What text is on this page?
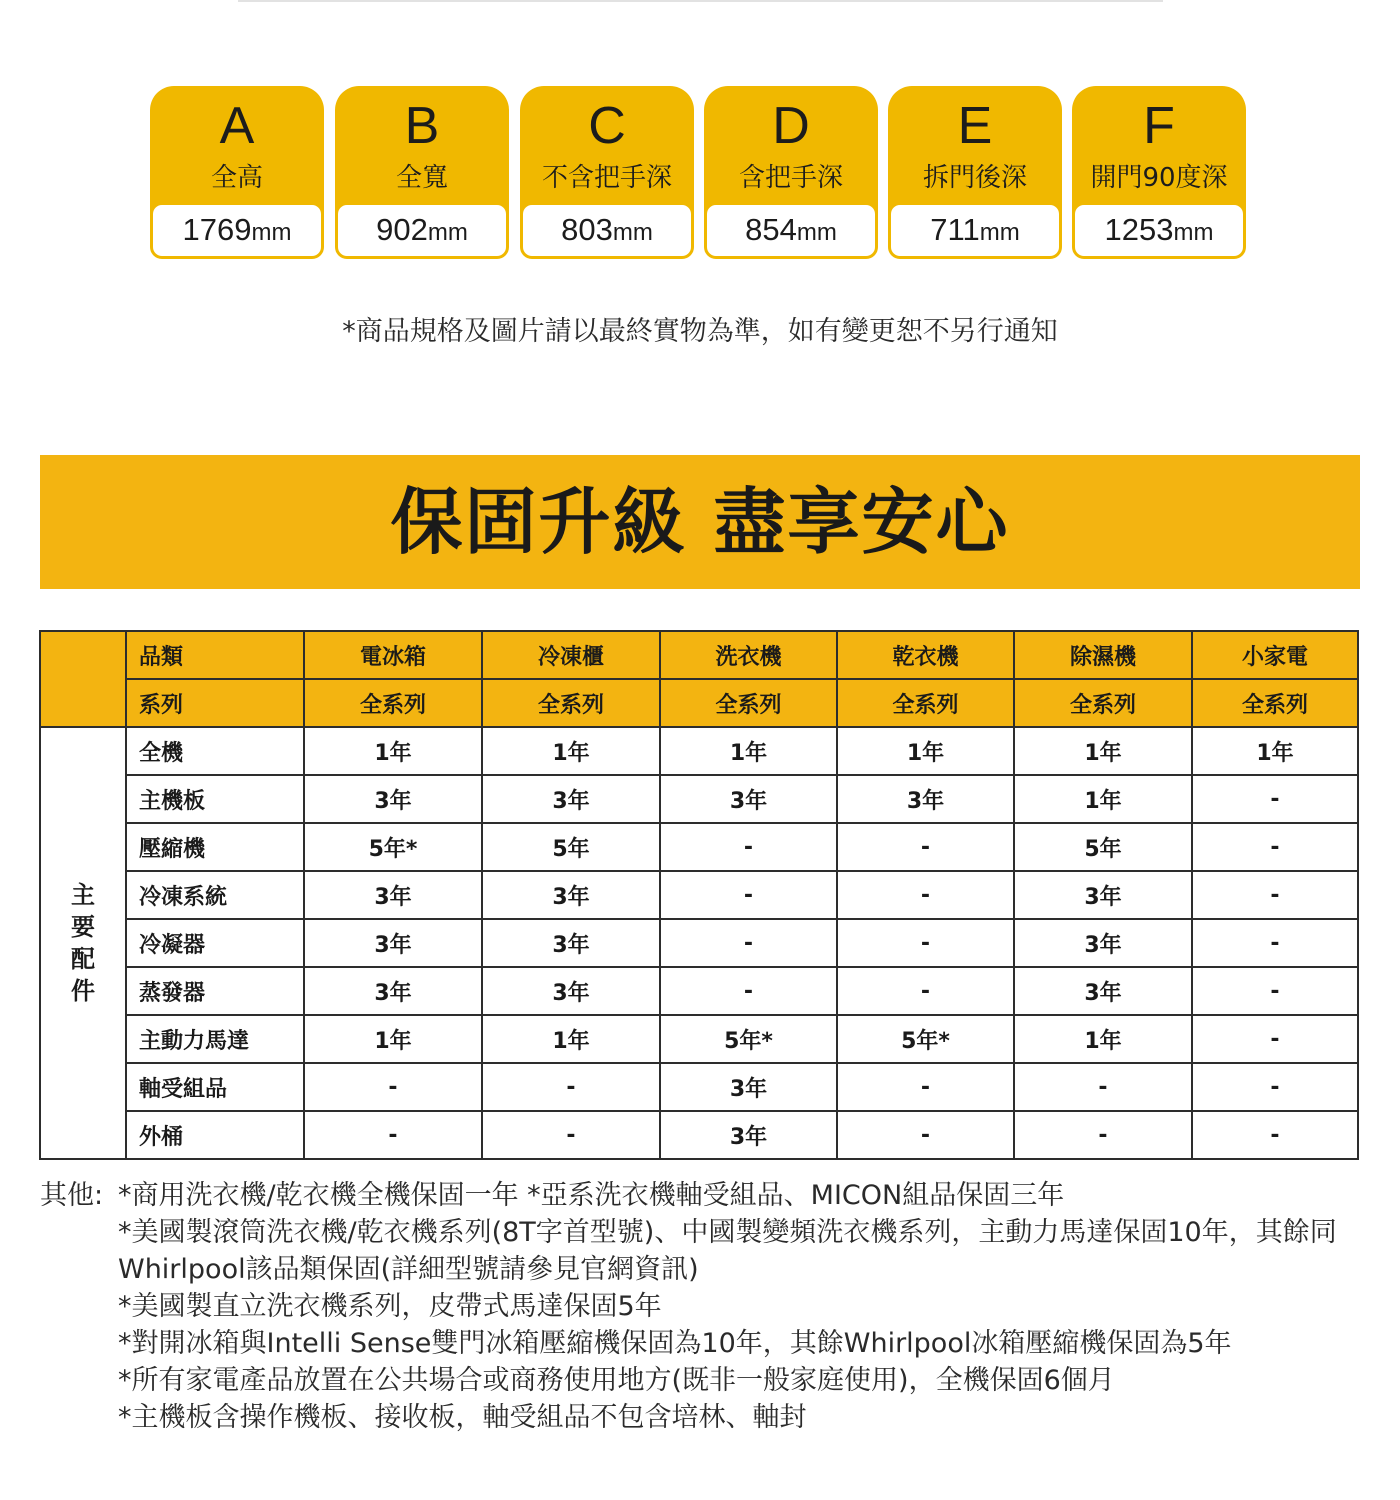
A
全高
1769mm
B
全寬
902mm
C
不含把手深
803mm
D
含把手深
854mm
E
拆門後深
711mm
F
開門90度深
1253mm
*商品規格及圖片請以最終實物為準，如有變更恕不另行通知
保固升級 盡享安心
	品類	電冰箱	冷凍櫃	洗衣機	乾衣機	除濕機	小家電
	系列	全系列	全系列	全系列	全系列	全系列	全系列

主要配件	全機	1年	1年	1年	1年	1年	1年
	主機板	3年	3年	3年	3年	1年	-
	壓縮機	5年*	5年	-	-	5年	-
	冷凍系統	3年	3年	-	-	3年	-
	冷凝器	3年	3年	-	-	3年	-
	蒸發器	3年	3年	-	-	3年	-
	主動力馬達	1年	1年	5年*	5年*	1年	-
	軸受組品	-	-	3年	-	-	-
	外桶	-	-	3年	-	-	-
其他: *商用洗衣機/乾衣機全機保固一年 *亞系洗衣機軸受組品、MICON組品保固三年
*美國製滾筒洗衣機/乾衣機系列(8T字首型號)、中國製變頻洗衣機系列，主動力馬達保固10年，其餘同Whirlpool該品類保固(詳細型號請參見官網資訊)
*美國製直立洗衣機系列，皮帶式馬達保固5年
*對開冰箱與Intelli Sense雙門冰箱壓縮機保固為10年，其餘Whirlpool冰箱壓縮機保固為5年
*所有家電產品放置在公共場合或商務使用地方(既非一般家庭使用)，全機保固6個月
*主機板含操作機板、接收板，軸受組品不包含培林、軸封
